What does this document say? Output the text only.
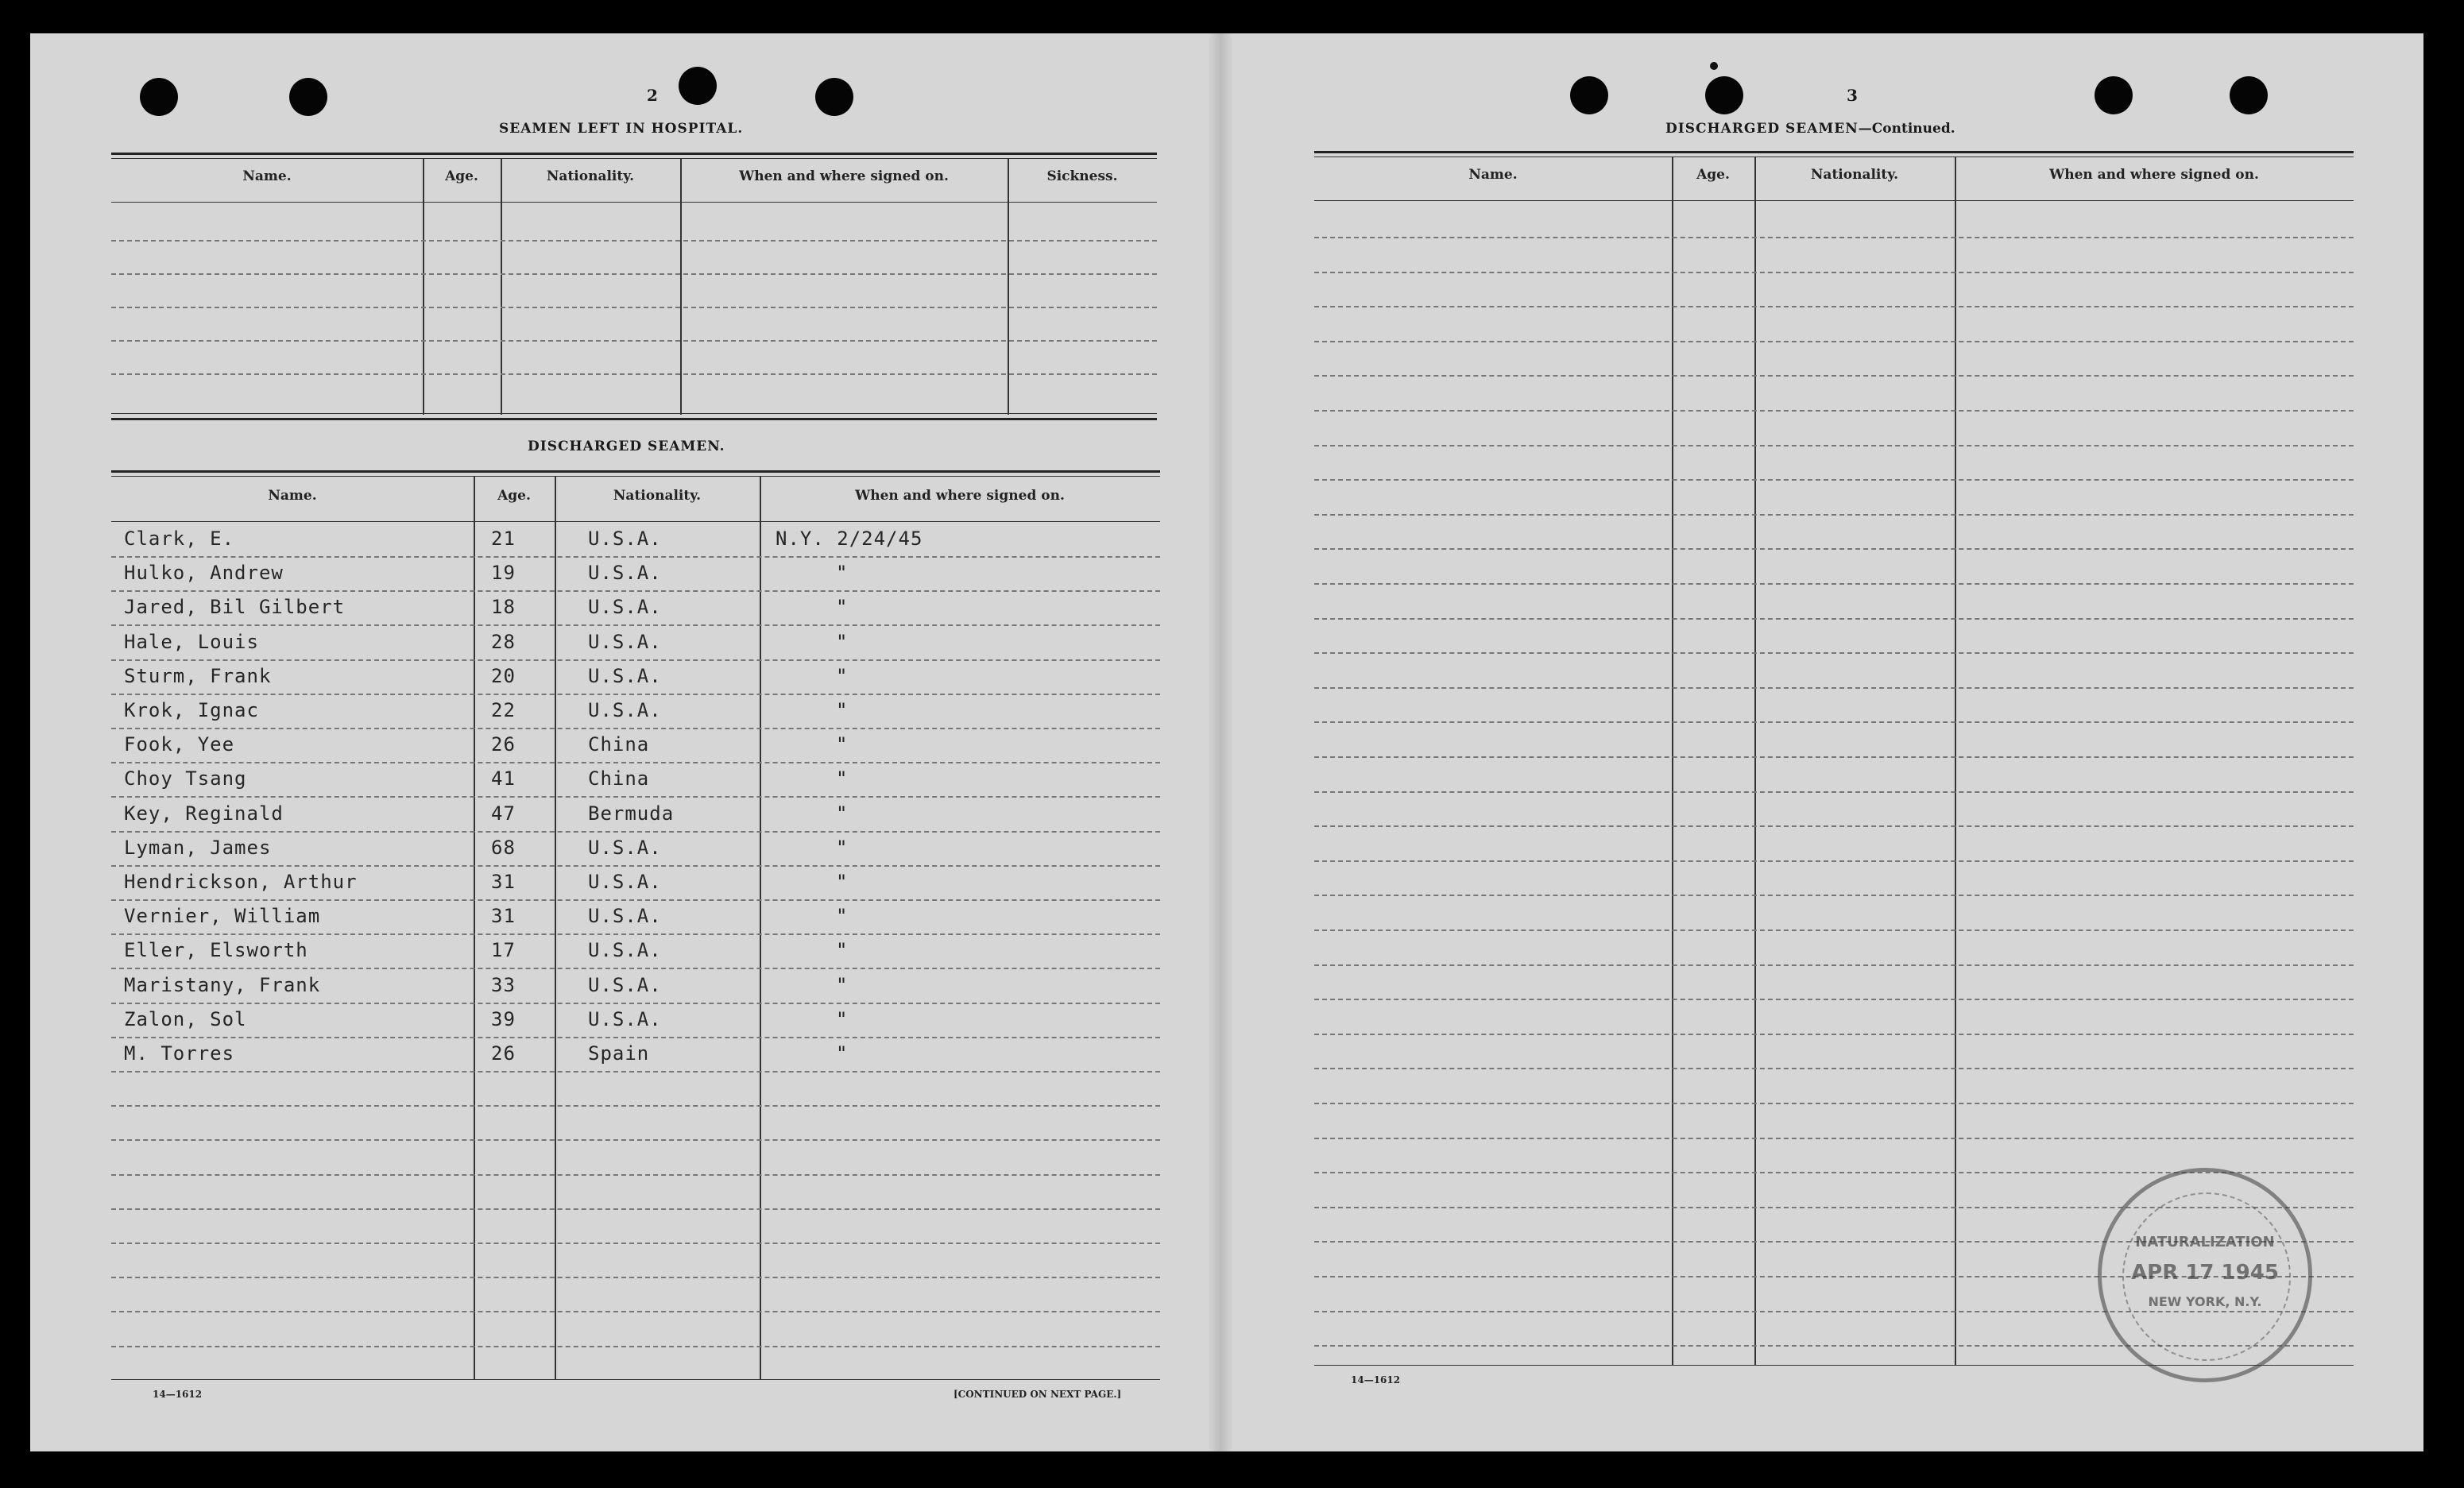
2
SEAMEN LEFT IN HOSPITAL.
Name.	Age.	Nationality.	When and where signed on.	Sickness.
DISCHARGED SEAMEN.
Name.	Age.	Nationality.	When and where signed on.
Clark, E.	21	U.S.A.	N.Y. 2/24/45
Hulko, Andrew	19	U.S.A.	"
Jared, Bil Gilbert	18	U.S.A.	"
Hale, Louis	28	U.S.A.	"
Sturm, Frank	20	U.S.A.	"
Krok, Ignac	22	U.S.A.	"
Fook, Yee	26	China	"
Choy Tsang	41	China	"
Key, Reginald	47	Bermuda	"
Lyman, James	68	U.S.A.	"
Hendrickson, Arthur	31	U.S.A.	"
Vernier, William	31	U.S.A.	"
Eller, Elsworth	17	U.S.A.	"
Maristany, Frank	33	U.S.A.	"
Zalon, Sol	39	U.S.A.	"
M. Torres	26	Spain	"
14—1612	[CONTINUED ON NEXT PAGE.]
3
DISCHARGED SEAMEN—Continued.
Name.	Age.	Nationality.	When and where signed on.
14—1612
NATURALIZATION
APR 17 1945
NEW YORK, N.Y.
